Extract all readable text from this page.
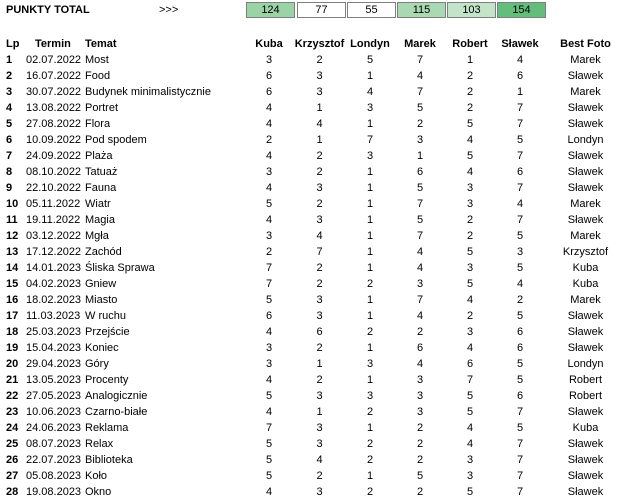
PUNKTY TOTAL	>>>	124	77	55	115	103	154
Lp	Termin	Temat	Kuba	Krzysztof	Londyn	Marek	Robert	Sławek	Best Foto
1	02.07.2022	Most	3	2	5	7	1	4	Marek
2	16.07.2022	Food	6	3	1	4	2	6	Sławek
3	30.07.2022	Budynek minimalistycznie	6	3	4	7	2	1	Marek
4	13.08.2022	Portret	4	1	3	5	2	7	Sławek
5	27.08.2022	Flora	4	4	1	2	5	7	Sławek
6	10.09.2022	Pod spodem	2	1	7	3	4	5	Londyn
7	24.09.2022	Plaża	4	2	3	1	5	7	Sławek
8	08.10.2022	Tatuaż	3	2	1	6	4	6	Sławek
9	22.10.2022	Fauna	4	3	1	5	3	7	Sławek
10	05.11.2022	Wiatr	5	2	1	7	3	4	Marek
11	19.11.2022	Magia	4	3	1	5	2	7	Sławek
12	03.12.2022	Mgła	3	4	1	7	2	5	Marek
13	17.12.2022	Zachód	2	7	1	4	5	3	Krzysztof
14	14.01.2023	Śliska Sprawa	7	2	1	4	3	5	Kuba
15	04.02.2023	Gniew	7	2	2	3	5	4	Kuba
16	18.02.2023	Miasto	5	3	1	7	4	2	Marek
17	11.03.2023	W ruchu	6	3	1	4	2	5	Sławek
18	25.03.2023	Przejście	4	6	2	2	3	6	Sławek
19	15.04.2023	Koniec	3	2	1	6	4	6	Sławek
20	29.04.2023	Góry	3	1	3	4	6	5	Londyn
21	13.05.2023	Procenty	4	2	1	3	7	5	Robert
22	27.05.2023	Analogicznie	5	3	3	3	5	6	Robert
23	10.06.2023	Czarno-białe	4	1	2	3	5	7	Sławek
24	24.06.2023	Reklama	7	3	1	2	4	5	Kuba
25	08.07.2023	Relax	5	3	2	2	4	7	Sławek
26	22.07.2023	Biblioteka	5	4	2	2	3	7	Sławek
27	05.08.2023	Koło	5	2	1	5	3	7	Sławek
28	19.08.2023	Okno	4	3	2	2	5	7	Sławek
